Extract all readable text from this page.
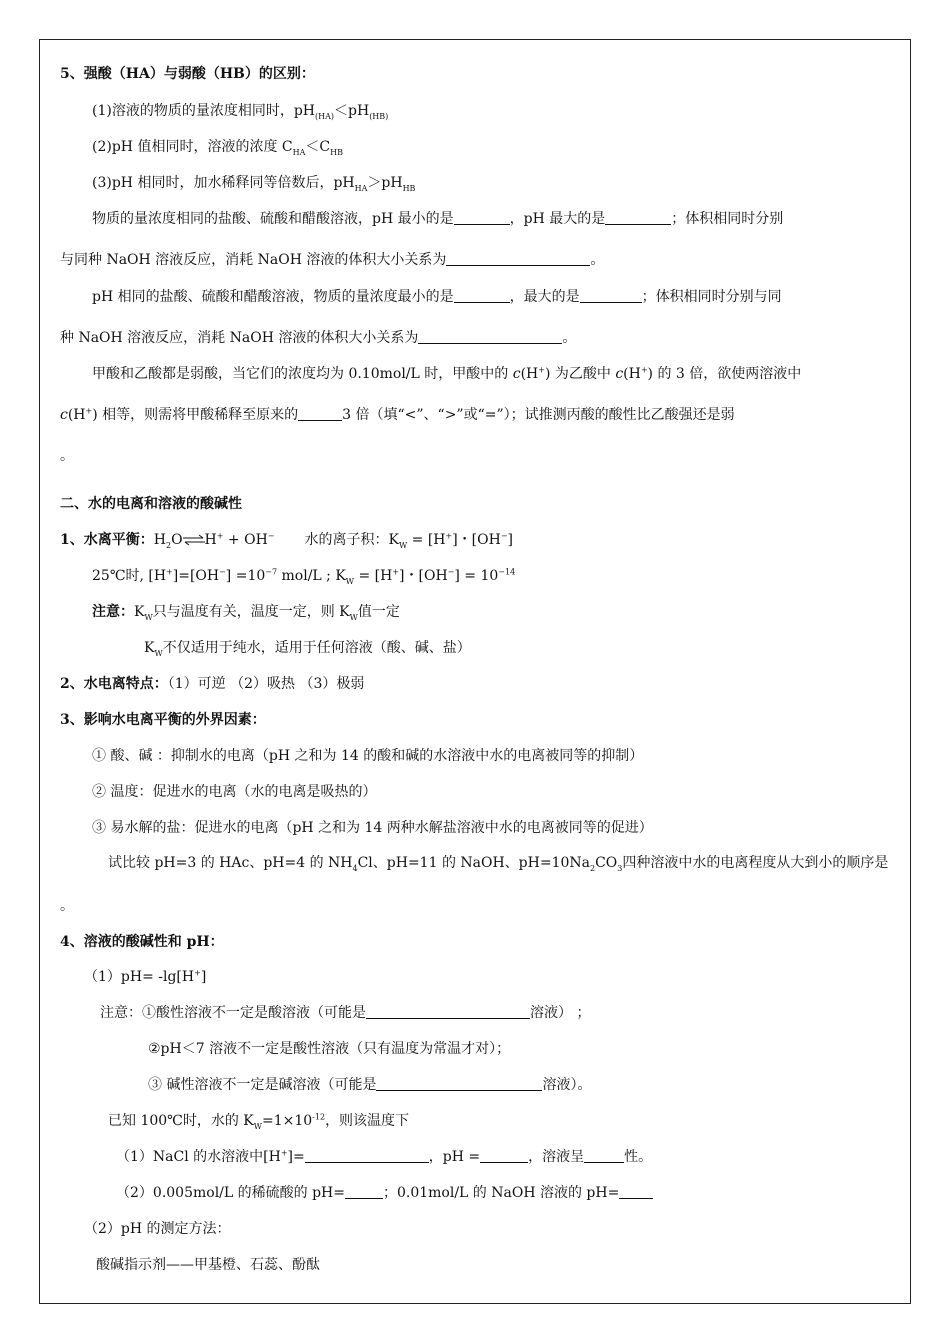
5、强酸（HA）与弱酸（HB）的区别：
(1)溶液的物质的量浓度相同时，$pH_{(HA)}<pH_{(HB)}$
(2)pH 值相同时，溶液的浓度 $C_{HA}<C_{HB}$
(3)pH 相同时，加水稀释同等倍数后，$pH_{HA}>pH_{HB}$
物质的量浓度相同的盐酸、硫酸和醋酸溶液，pH 最小的是	，pH 最大的是	；体积相同时分别
与同种 NaOH 溶液反应，消耗 NaOH 溶液的体积大小关系为	。
pH 相同的盐酸、硫酸和醋酸溶液，物质的量浓度最小的是	，最大的是	；体积相同时分别与同
种 NaOH 溶液反应，消耗 NaOH 溶液的体积大小关系为	。
甲酸和乙酸都是弱酸，当它们的浓度均为 0.10mol/L 时，甲酸中的 c(H+) 为乙酸中 c(H+) 的 3 倍，欲使两溶液中
c(H+) 相等，则需将甲酸稀释至原来的	3 倍（填“<”、“>”或“=”）；试推测丙酸的酸性比乙酸强还是弱
。
二、水的电离和溶液的酸碱性
1、水离平衡：$H_2O\rightleftharpoons H^+ + OH^-$ 水的离子积：$K_W = [H^+]$・[OH−]
25℃时, $[H^+]=[OH^-] =10^{-7}$ mol/L ; $K_W = [H^+]$・$[OH^-] = 10^{-14}$
注意：$K_W$只与温度有关，温度一定，则 $K_W$值一定
$K_W$不仅适用于纯水，适用于任何溶液（酸、碱、盐）
2、水电离特点：（1）可逆 （2）吸热 （3）极弱
3、影响水电离平衡的外界因素：
① 酸、碱 ：抑制水的电离（pH 之和为 14 的酸和碱的水溶液中水的电离被同等的抑制）
② 温度：促进水的电离（水的电离是吸热的）
③ 易水解的盐：促进水的电离（pH 之和为 14 两种水解盐溶液中水的电离被同等的促进）
试比较 pH=3 的 HAc、pH=4 的 $NH_4Cl$、pH=11 的 NaOH、$pH=10Na_2CO_3$四种溶液中水的电离程度从大到小的顺序是
。
4、溶液的酸碱性和 pH：
（1）pH= -lg[H+]
注意：①酸性溶液不一定是酸溶液（可能是	溶液） ；
②pH＜7 溶液不一定是酸性溶液（只有温度为常温才对）；
③ 碱性溶液不一定是碱溶液（可能是	溶液）。
已知 100℃时，水的 $K_W=1\times 10^{-12}$，则该温度下
（1）NaCl 的水溶液中[H+]=	，pH =	，溶液呈	性。
（2）0.005mol/L 的稀硫酸的 pH=	；0.01mol/L 的 NaOH 溶液的 pH=
（2）pH 的测定方法：
酸碱指示剂——甲基橙、石蕊、酚酞
